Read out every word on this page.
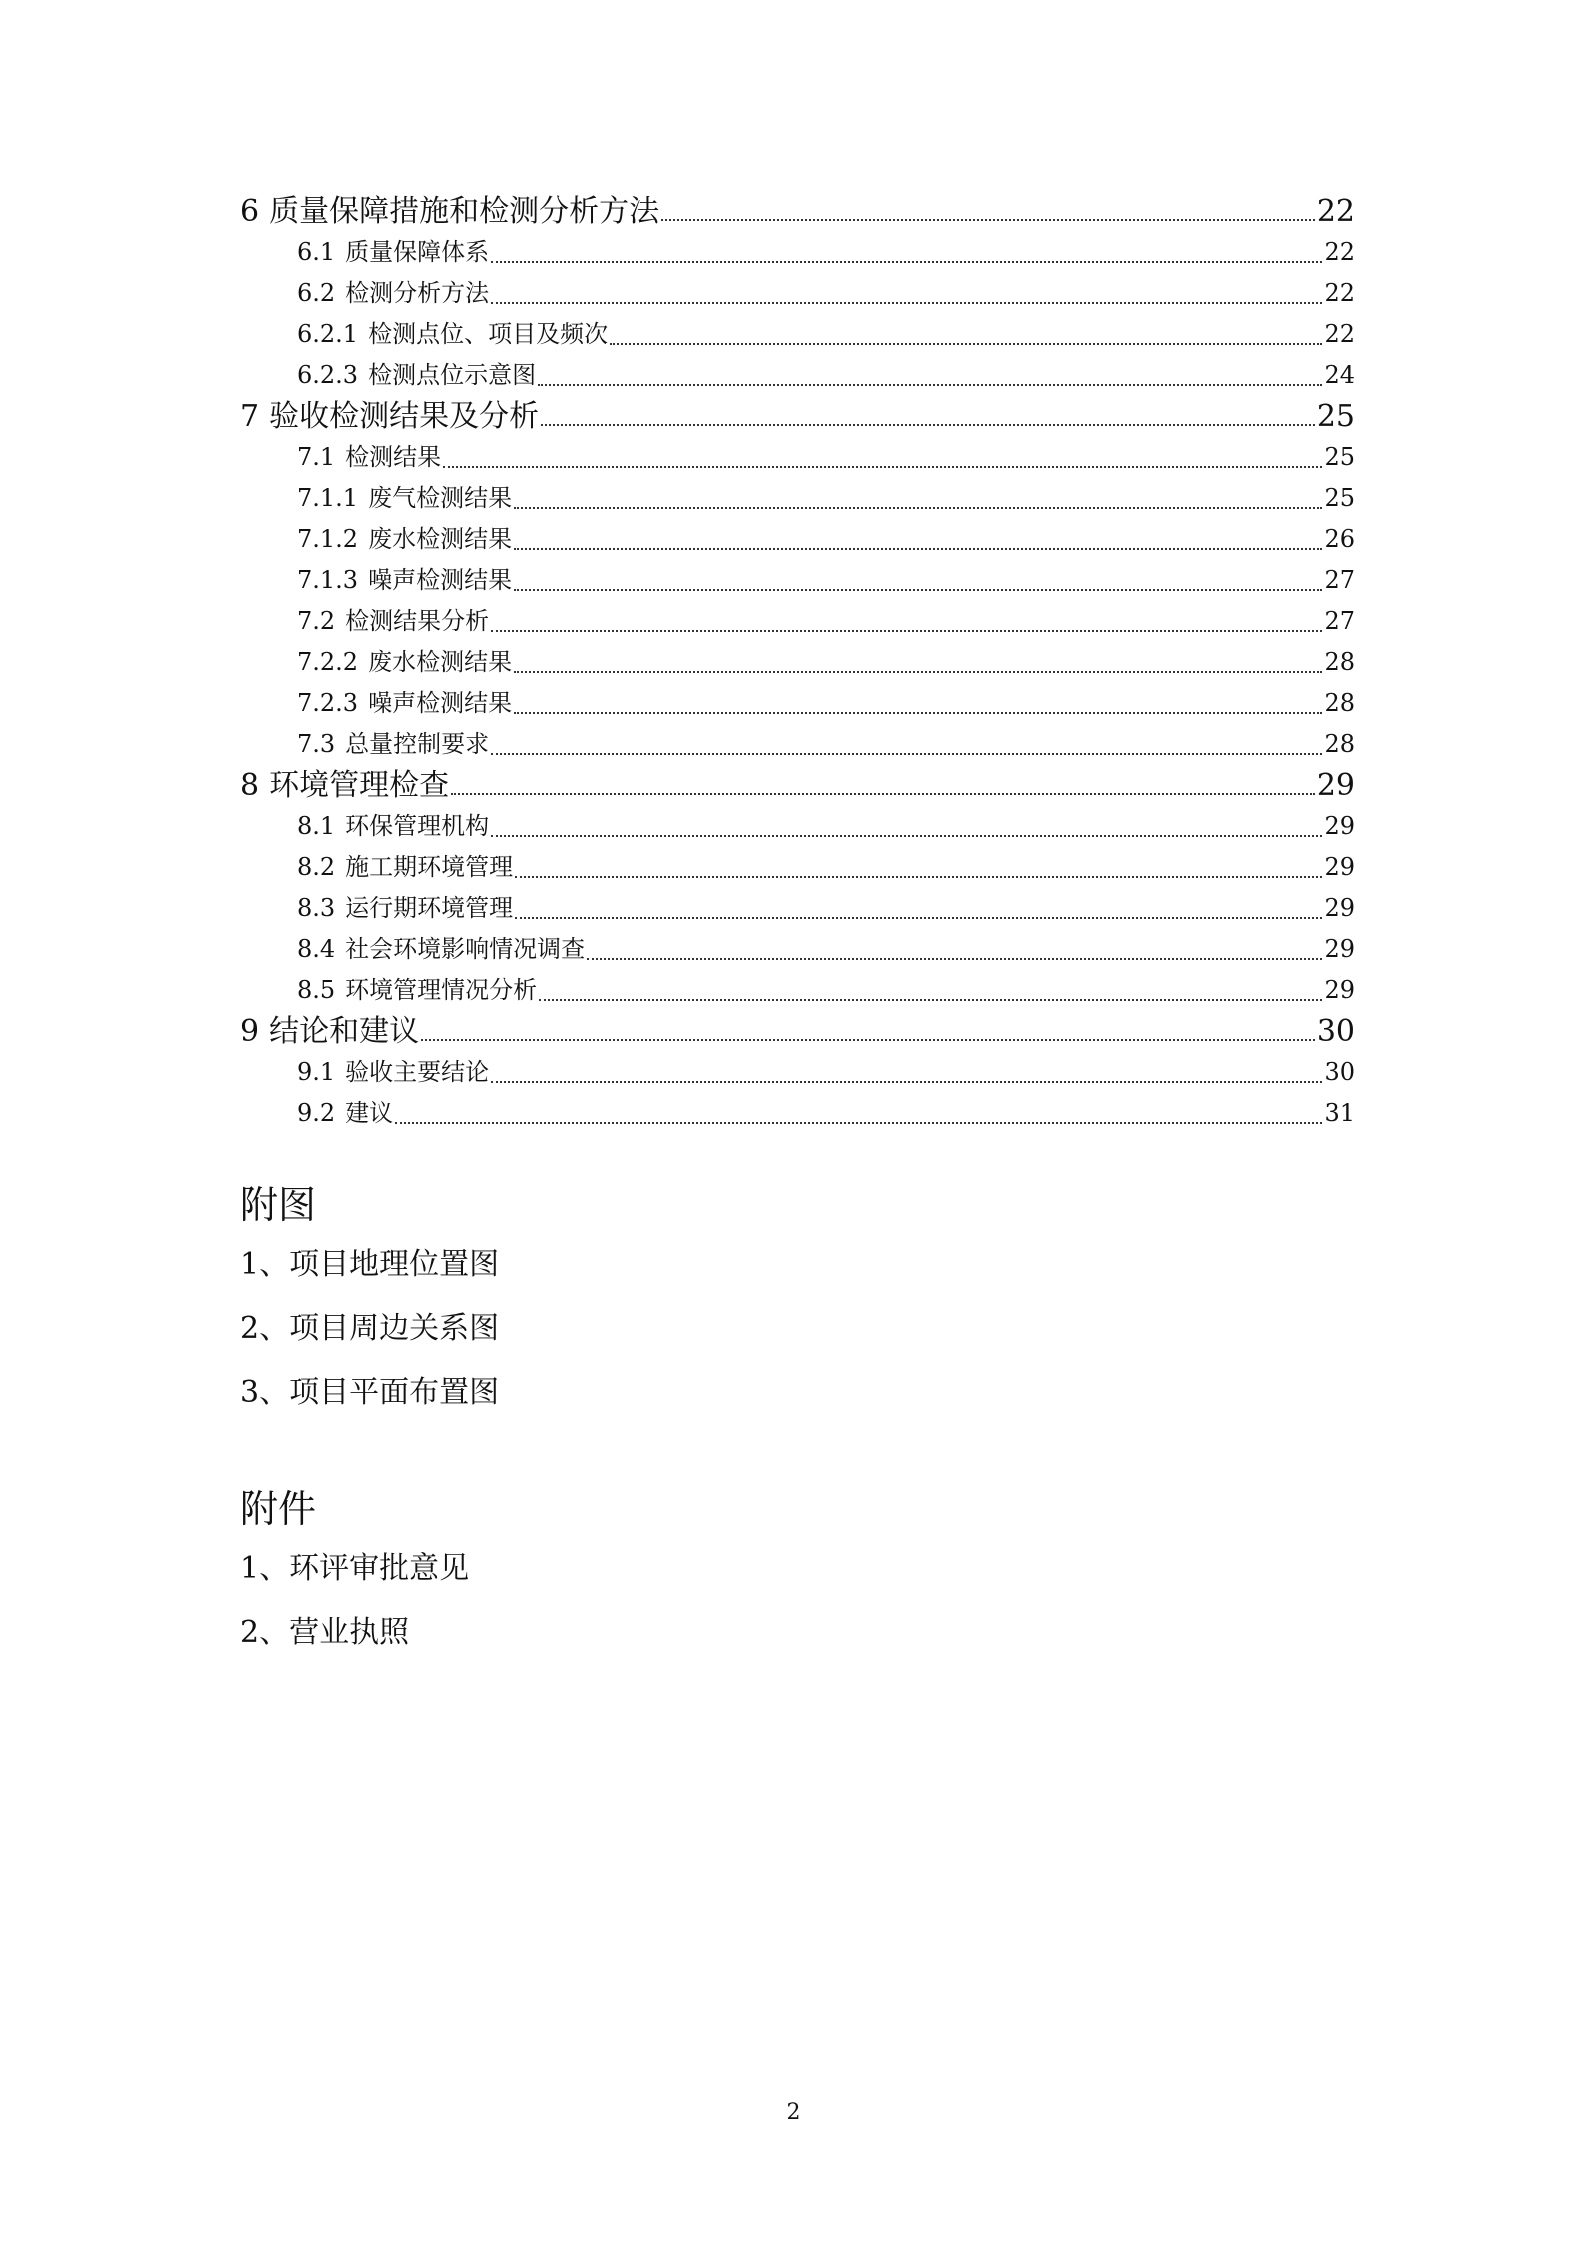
6 质量保障措施和检测分析方法	22
6.1 质量保障体系	22
6.2 检测分析方法	22
6.2.1 检测点位、项目及频次	22
6.2.3 检测点位示意图	24
7 验收检测结果及分析	25
7.1 检测结果	25
7.1.1 废气检测结果	25
7.1.2 废水检测结果	26
7.1.3 噪声检测结果	27
7.2 检测结果分析	27
7.2.2 废水检测结果	28
7.2.3 噪声检测结果	28
7.3 总量控制要求	28
8 环境管理检查	29
8.1 环保管理机构	29
8.2 施工期环境管理	29
8.3 运行期环境管理	29
8.4 社会环境影响情况调查	29
8.5 环境管理情况分析	29
9 结论和建议	30
9.1 验收主要结论	30
9.2 建议	31
附图
1、项目地理位置图
2、项目周边关系图
3、项目平面布置图
附件
1、环评审批意见
2、营业执照
2
